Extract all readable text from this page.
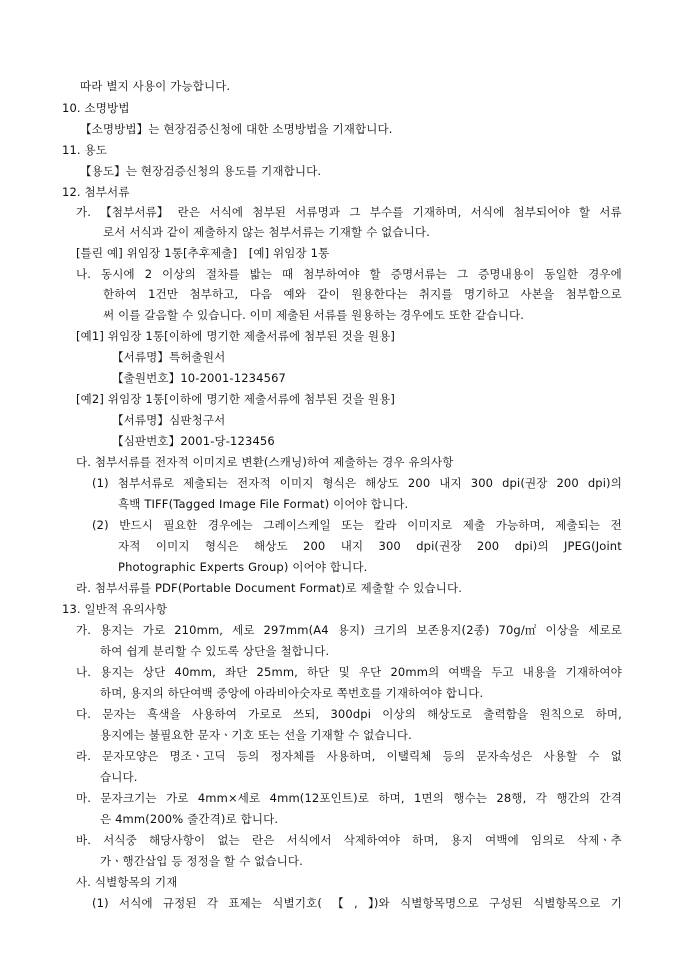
따라 별지 사용이 가능합니다.
10. 소명방법
【소명방법】는 현장검증신청에 대한 소명방법을 기재합니다.
11. 용도
【용도】는 현장검증신청의 용도를 기재합니다.
12. 첨부서류
가. 【첨부서류】 란은 서식에 첨부된 서류명과 그 부수를 기재하며, 서식에 첨부되어야 할 서류
로서 서식과 같이 제출하지 않는 첨부서류는 기재할 수 없습니다.
[틀린 예] 위임장 1통[추후제출]   [예] 위임장 1통
나. 동시에 2 이상의 절차를 밟는 때 첨부하여야 할 증명서류는 그 증명내용이 동일한 경우에
한하여 1건만 첨부하고, 다음 예와 같이 원용한다는 취지를 명기하고 사본을 첨부함으로
써 이를 갈음할 수 있습니다. 이미 제출된 서류를 원용하는 경우에도 또한 같습니다.
[예1] 위임장 1통[이하에 명기한 제출서류에 첨부된 것을 원용]
【서류명】특허출원서
【출원번호】10-2001-1234567
[예2] 위임장 1통[이하에 명기한 제출서류에 첨부된 것을 원용]
【서류명】심판청구서
【심판번호】2001-당-123456
다. 첨부서류를 전자적 이미지로 변환(스캐닝)하여 제출하는 경우 유의사항
(1) 첨부서류로 제출되는 전자적 이미지 형식은 해상도 200 내지 300 dpi(권장 200 dpi)의
흑백 TIFF(Tagged Image File Format) 이어야 합니다.
(2) 반드시 필요한 경우에는 그레이스케일 또는 칼라 이미지로 제출 가능하며, 제출되는 전
자적 이미지 형식은 해상도 200 내지 300 dpi(권장 200 dpi)의 JPEG(Joint
Photographic Experts Group) 이어야 합니다.
라. 첨부서류를 PDF(Portable Document Format)로 제출할 수 있습니다.
13. 일반적 유의사항
가. 용지는 가로 210mm, 세로 297mm(A4 용지) 크기의 보존용지(2종) 70g/㎡ 이상을 세로로
하여 쉽게 분리할 수 있도록 상단을 철합니다.
나. 용지는 상단 40mm, 좌단 25mm, 하단 및 우단 20mm의 여백을 두고 내용을 기재하여야
하며, 용지의 하단여백 중앙에 아라비아숫자로 쪽번호를 기재하여야 합니다.
다. 문자는 흑색을 사용하여 가로로 쓰되, 300dpi 이상의 해상도로 출력함을 원칙으로 하며,
용지에는 불필요한 문자ㆍ기호 또는 선을 기재할 수 없습니다.
라. 문자모양은 명조ㆍ고딕 등의 정자체를 사용하며, 이탤릭체 등의 문자속성은 사용할 수 없
습니다.
마. 문자크기는 가로 4mm×세로 4mm(12포인트)로 하며, 1면의 행수는 28행, 각 행간의 간격
은 4mm(200% 줄간격)로 합니다.
바. 서식중 해당사항이 없는 란은 서식에서 삭제하여야 하며, 용지 여백에 임의로 삭제ㆍ추
가ㆍ행간삽입 등 정정을 할 수 없습니다.
사. 식별항목의 기재
(1) 서식에 규정된 각 표제는 식별기호( 【 , 】)와 식별항목명으로 구성된 식별항목으로 기
